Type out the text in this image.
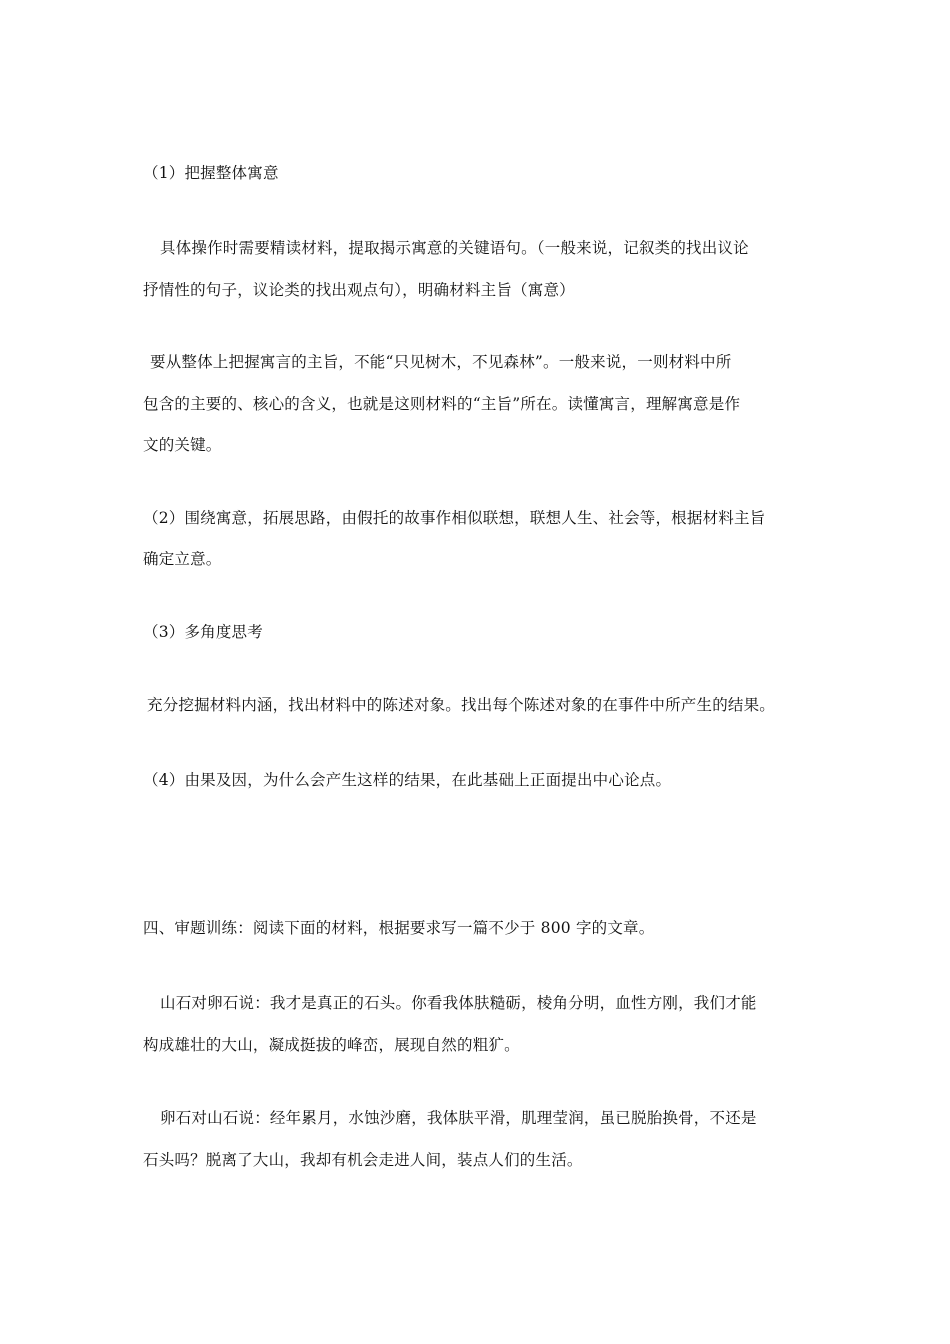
（1）把握整体寓意
具体操作时需要精读材料，提取揭示寓意的关键语句。（一般来说，记叙类的找出议论
抒情性的句子，议论类的找出观点句），明确材料主旨（寓意）
要从整体上把握寓言的主旨，不能“只见树木，不见森林”。一般来说，一则材料中所
包含的主要的、核心的含义，也就是这则材料的“主旨”所在。读懂寓言，理解寓意是作
文的关键。
（2）围绕寓意，拓展思路，由假托的故事作相似联想，联想人生、社会等，根据材料主旨
确定立意。
（3）多角度思考
充分挖掘材料内涵，找出材料中的陈述对象。找出每个陈述对象的在事件中所产生的结果。
（4）由果及因，为什么会产生这样的结果，在此基础上正面提出中心论点。
四、审题训练：阅读下面的材料，根据要求写一篇不少于 800 字的文章。
山石对卵石说：我才是真正的石头。你看我体肤糙砺，棱角分明，血性方刚，我们才能
构成雄壮的大山，凝成挺拔的峰峦，展现自然的粗犷。
卵石对山石说：经年累月，水蚀沙磨，我体肤平滑，肌理莹润，虽已脱胎换骨，不还是
石头吗？脱离了大山，我却有机会走进人间，装点人们的生活。
